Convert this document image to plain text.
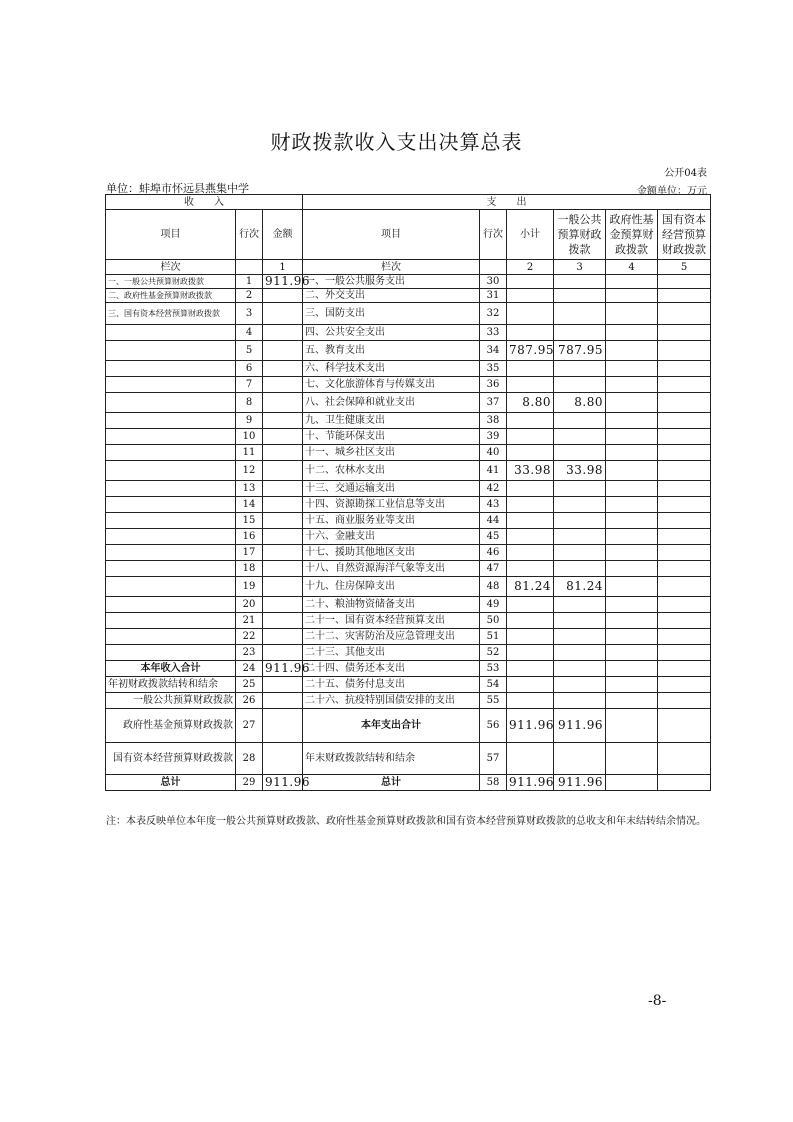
财政拨款收入支出决算总表
公开04表
单位：蚌埠市怀远县燕集中学	金额单位：万元
收　　入			支　　出					
项目	行次	金额	项目	行次	小计	一般公共预算财政拨款	政府性基金预算财政拨款	国有资本经营预算财政拨款
栏次		1	栏次		2	3	4	5
一、一般公共预算财政拨款	1	911.96	一、一般公共服务支出	30				
二、政府性基金预算财政拨款	2		二、外交支出	31				
三、国有资本经营预算财政拨款	3		三、国防支出	32				
	4		四、公共安全支出	33				
	5		五、教育支出	34	787.95	787.95		
	6		六、科学技术支出	35				
	7		七、文化旅游体育与传媒支出	36				
	8		八、社会保障和就业支出	37	8.80	8.80		
	9		九、卫生健康支出	38				
	10		十、节能环保支出	39				
	11		十一、城乡社区支出	40				
	12		十二、农林水支出	41	33.98	33.98		
	13		十三、交通运输支出	42				
	14		十四、资源勘探工业信息等支出	43				
	15		十五、商业服务业等支出	44				
	16		十六、金融支出	45				
	17		十七、援助其他地区支出	46				
	18		十八、自然资源海洋气象等支出	47				
	19		十九、住房保障支出	48	81.24	81.24		
	20		二十、粮油物资储备支出	49				
	21		二十一、国有资本经营预算支出	50				
	22		二十二、灾害防治及应急管理支出	51				
	23		二十三、其他支出	52				
本年收入合计	24	911.96	二十四、债务还本支出	53				
年初财政拨款结转和结余	25		二十五、债务付息支出	54				
一般公共预算财政拨款	26		二十六、抗疫特别国债安排的支出	55				
政府性基金预算财政拨款	27		本年支出合计	56	911.96	911.96		
国有资本经营预算财政拨款	28		年末财政拨款结转和结余	57				
总计	29	911.96	总计	58	911.96	911.96		
注：本表反映单位本年度一般公共预算财政拨款、政府性基金预算财政拨款和国有资本经营预算财政拨款的总收支和年末结转结余情况。
-8-
